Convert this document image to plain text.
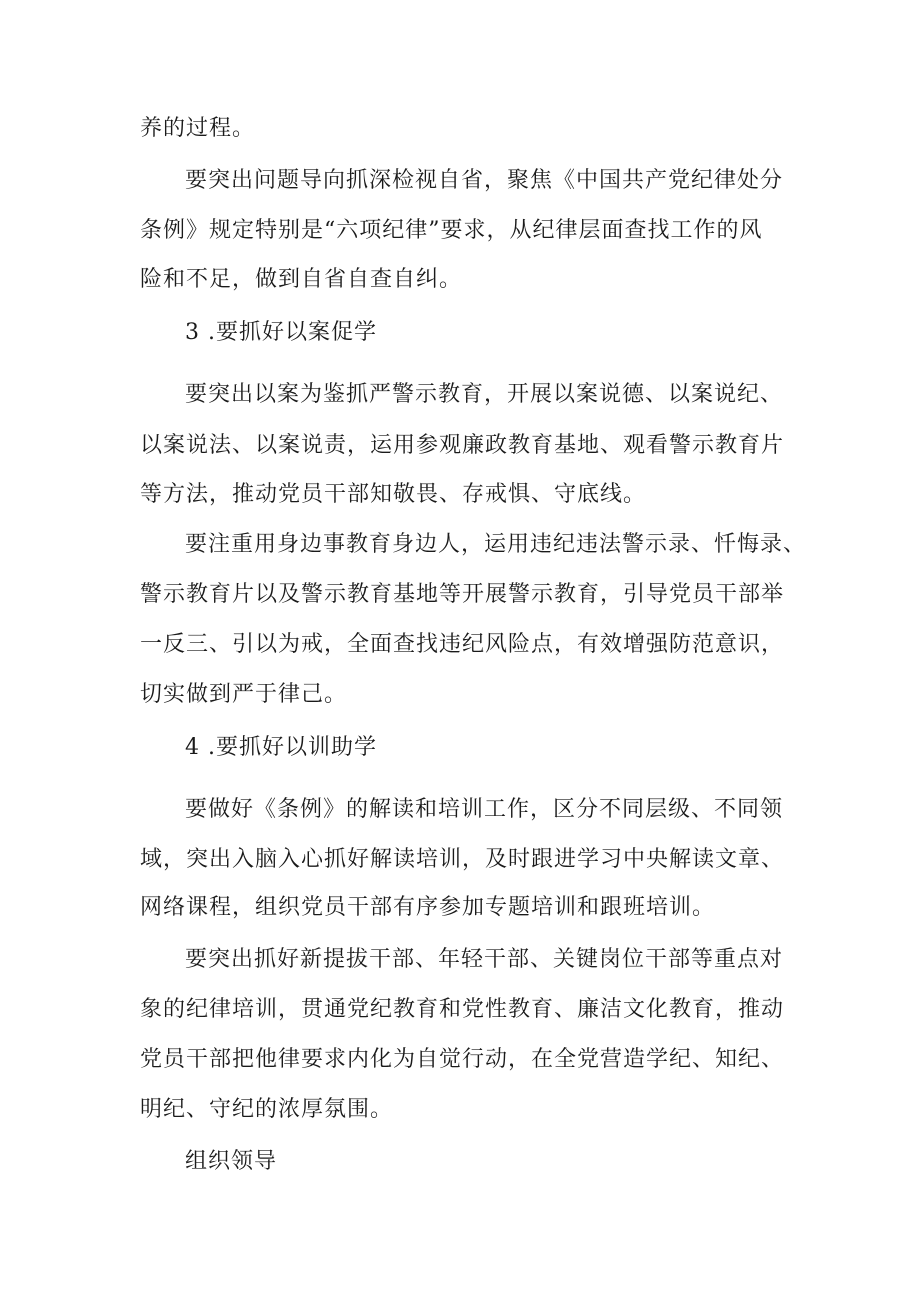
养的过程。
要突出问题导向抓深检视自省，聚焦《中国共产党纪律处分
条例》规定特别是“六项纪律”要求，从纪律层面查找工作的风
险和不足，做到自省自查自纠。
3 .要抓好以案促学
要突出以案为鉴抓严警示教育，开展以案说德、以案说纪、
以案说法、以案说责，运用参观廉政教育基地、观看警示教育片
等方法，推动党员干部知敬畏、存戒惧、守底线。
要注重用身边事教育身边人，运用违纪违法警示录、忏悔录、
警示教育片以及警示教育基地等开展警示教育，引导党员干部举
一反三、引以为戒，全面查找违纪风险点，有效增强防范意识，
切实做到严于律己。
4 .要抓好以训助学
要做好《条例》的解读和培训工作，区分不同层级、不同领
域，突出入脑入心抓好解读培训，及时跟进学习中央解读文章、
网络课程，组织党员干部有序参加专题培训和跟班培训。
要突出抓好新提拔干部、年轻干部、关键岗位干部等重点对
象的纪律培训，贯通党纪教育和党性教育、廉洁文化教育，推动
党员干部把他律要求内化为自觉行动，在全党营造学纪、知纪、
明纪、守纪的浓厚氛围。
组织领导
